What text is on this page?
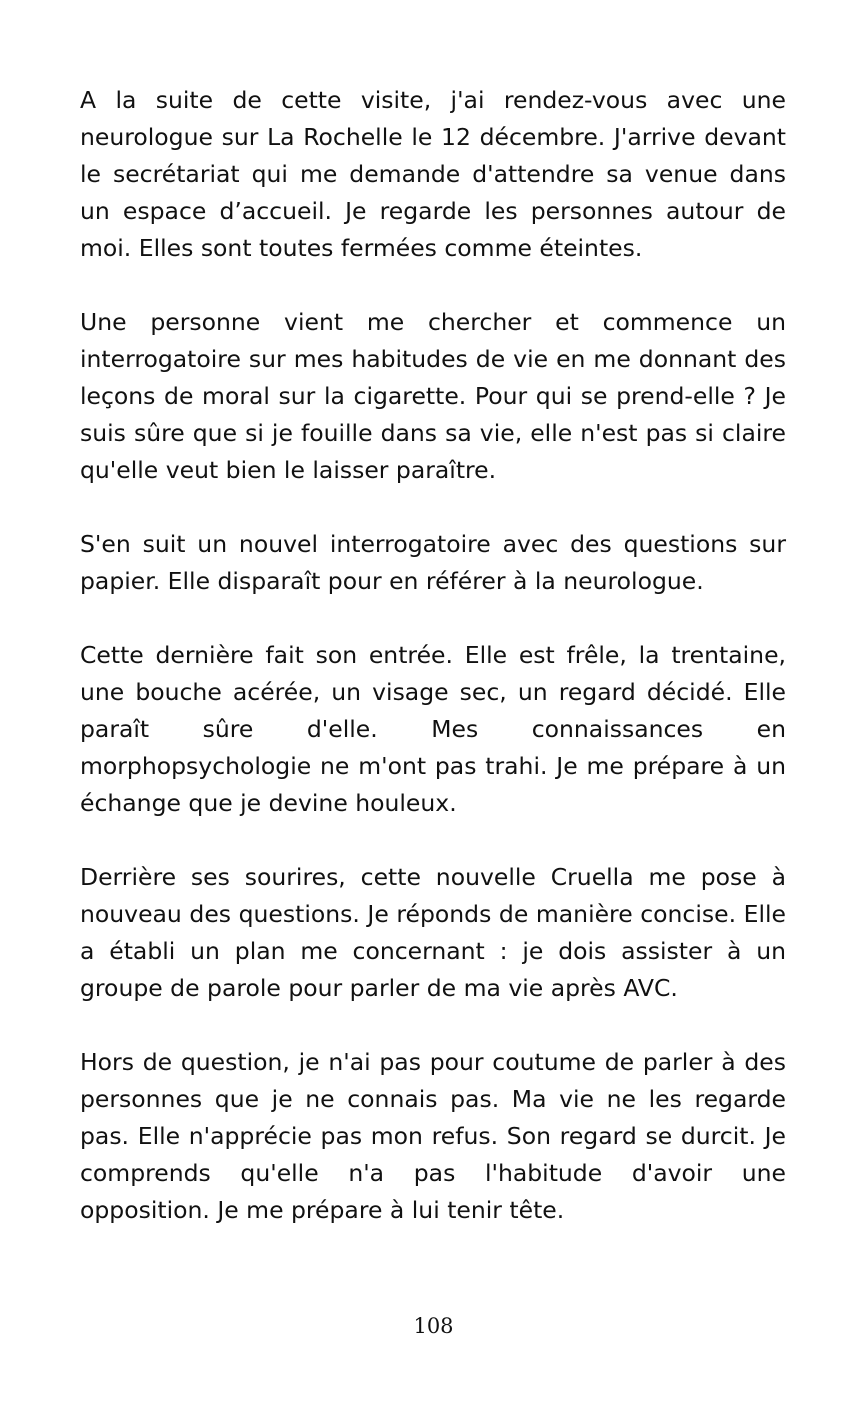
A la suite de cette visite, j'ai rendez-vous avec une neurologue sur La Rochelle le 12 décembre. J'arrive devant le secrétariat qui me demande d'attendre sa venue dans un espace d’accueil. Je regarde les personnes autour de moi. Elles sont toutes fermées comme éteintes.

Une personne vient me chercher et commence un interrogatoire sur mes habitudes de vie en me donnant des leçons de moral sur la cigarette. Pour qui se prend-elle ? Je suis sûre que si je fouille dans sa vie, elle n'est pas si claire qu'elle veut bien le laisser paraître.

S'en suit un nouvel interrogatoire avec des questions sur papier. Elle disparaît pour en référer à la neurologue.

Cette dernière fait son entrée. Elle est frêle, la trentaine, une bouche acérée, un visage sec, un regard décidé. Elle paraît sûre d'elle. Mes connaissances en morphopsychologie ne m'ont pas trahi. Je me prépare à un échange que je devine houleux.

Derrière ses sourires, cette nouvelle Cruella me pose à nouveau des questions. Je réponds de manière concise. Elle a établi un plan me concernant : je dois assister à un groupe de parole pour parler de ma vie après AVC.

Hors de question, je n'ai pas pour coutume de parler à des personnes que je ne connais pas. Ma vie ne les regarde pas. Elle n'apprécie pas mon refus. Son regard se durcit. Je comprends qu'elle n'a pas l'habitude d'avoir une opposition. Je me prépare à lui tenir tête.

108
